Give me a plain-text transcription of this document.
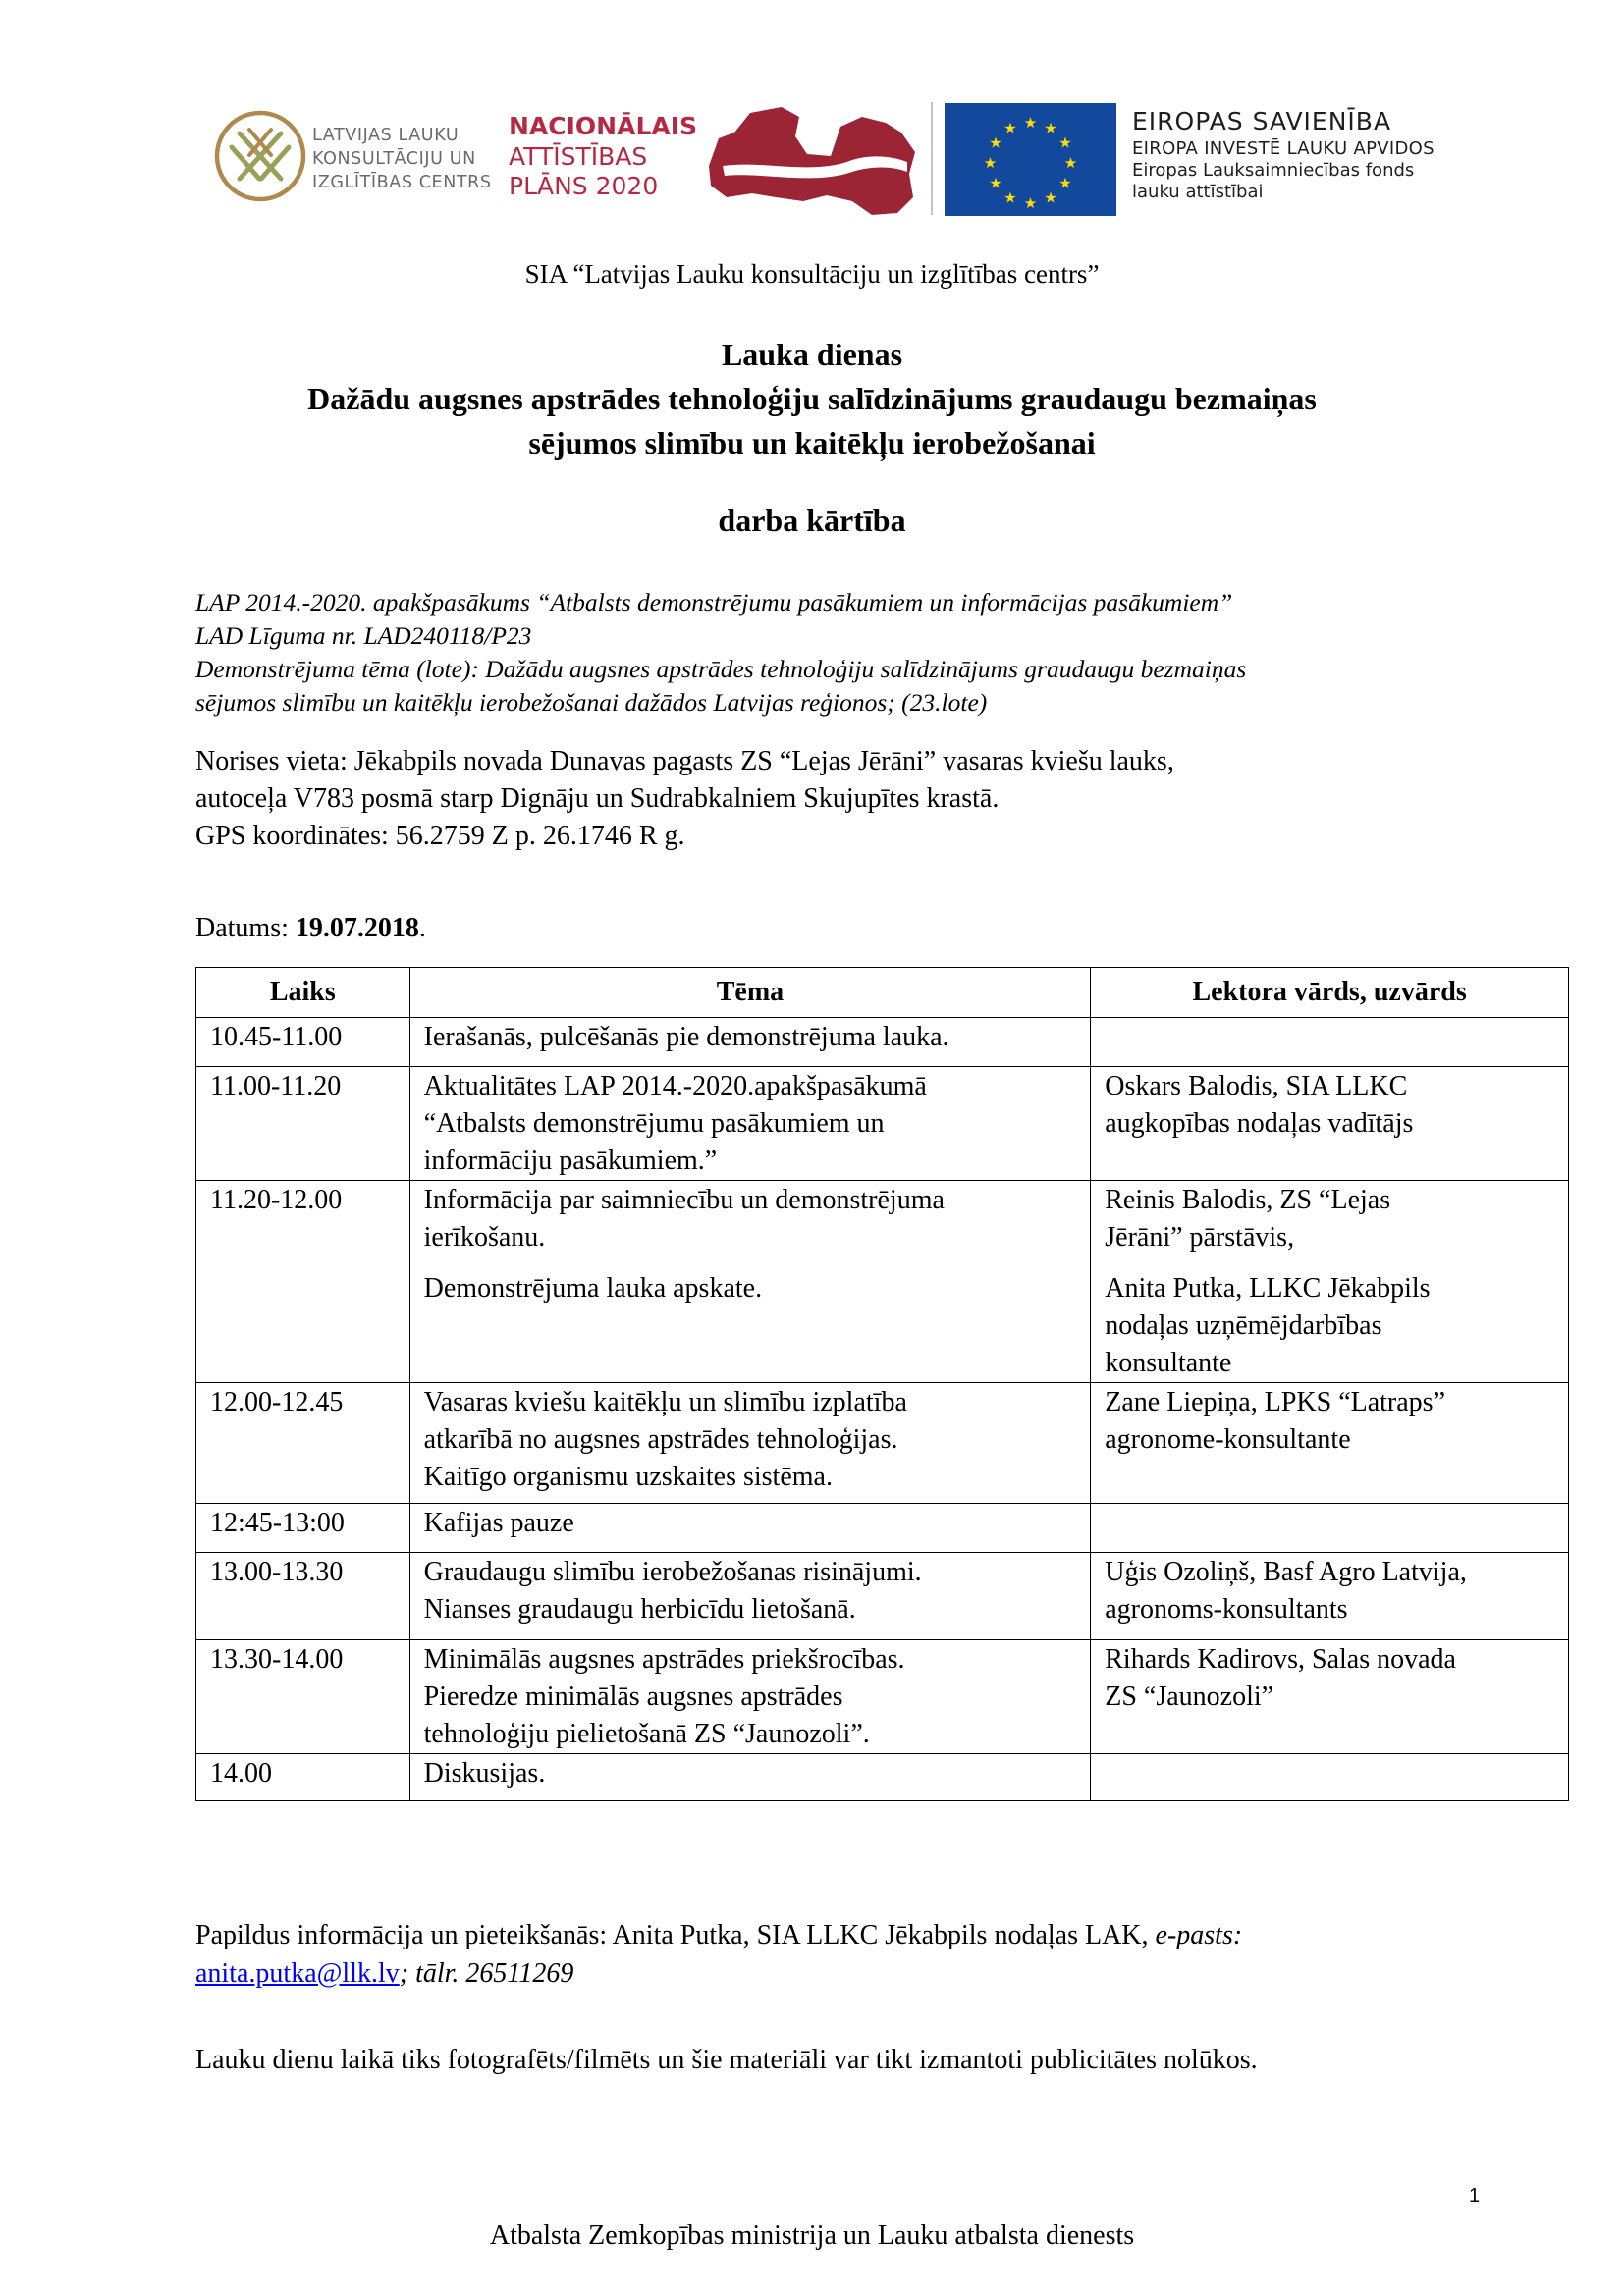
LATVIJAS LAUKU
KONSULTĀCIJU UN
IZGLĪTĪBAS CENTRS
NACIONĀLAIS
ATTĪSTĪBAS
PLĀNS 2020
★ ★
★
★
★
★
★
★
★
★
★
★	EIROPAS SAVIENĪBA
EIROPA INVESTĒ LAUKU APVIDOS
Eiropas Lauksaimniecības fonds
lauku attīstībai
SIA “Latvijas Lauku konsultāciju un izglītības centrs”
Lauka dienas
Dažādu augsnes apstrādes tehnoloģiju salīdzinājums graudaugu bezmaiņas
sējumos slimību un kaitēkļu ierobežošanai
darba kārtība
LAP 2014.-2020. apakšpasākums “Atbalsts demonstrējumu pasākumiem un informācijas pasākumiem”
LAD Līguma nr. LAD240118/P23
Demonstrējuma tēma (lote): Dažādu augsnes apstrādes tehnoloģiju salīdzinājums graudaugu bezmaiņas
sējumos slimību un kaitēkļu ierobežošanai dažādos Latvijas reģionos; (23.lote)
Norises vieta: Jēkabpils novada Dunavas pagasts ZS “Lejas Jērāni” vasaras kviešu lauks,
autoceļa V783 posmā starp Dignāju un Sudrabkalniem Skujupītes krastā.
GPS koordinātes: 56.2759 Z p. 26.1746 R g.
Datums: 19.07.2018.
Laiks	Tēma	Lektora vārds, uzvārds
10.45-11.00	Ierašanās, pulcēšanās pie demonstrējuma lauka.	

11.00-11.20	Aktualitātes LAP 2014.-2020.apakšpasākumā
“Atbalsts demonstrējumu pasākumiem un
informāciju pasākumiem.”	Oskars Balodis, SIA LLKC
augkopības nodaļas vadītājs

11.20-12.00	Informācija par saimniecību un demonstrējuma
ierīkošanu.
Demonstrējuma lauka apskate.	Reinis Balodis, ZS “Lejas
Jērāni” pārstāvis,
Anita Putka, LLKC Jēkabpils
nodaļas uzņēmējdarbības
konsultante

12.00-12.45	Vasaras kviešu kaitēkļu un slimību izplatība
atkarībā no augsnes apstrādes tehnoloģijas.
Kaitīgo organismu uzskaites sistēma.	Zane Liepiņa, LPKS “Latraps”
agronome-konsultante

12:45-13:00	Kafijas pauze	

13.00-13.30	Graudaugu slimību ierobežošanas risinājumi.
Nianses graudaugu herbicīdu lietošanā.	Uģis Ozoliņš, Basf Agro Latvija,
agronoms-konsultants

13.30-14.00	Minimālās augsnes apstrādes priekšrocības.
Pieredze minimālās augsnes apstrādes
tehnoloģiju pielietošanā ZS “Jaunozoli”.	Rihards Kadirovs, Salas novada
ZS “Jaunozoli”

14.00	Diskusijas.	

Papildus informācija un pieteikšanās: Anita Putka, SIA LLKC Jēkabpils nodaļas LAK, e-pasts:
anita.putka@llk.lv; tālr. 26511269
Lauku dienu laikā tiks fotografēts/filmēts un šie materiāli var tikt izmantoti publicitātes nolūkos.
1
Atbalsta Zemkopības ministrija un Lauku atbalsta dienests
